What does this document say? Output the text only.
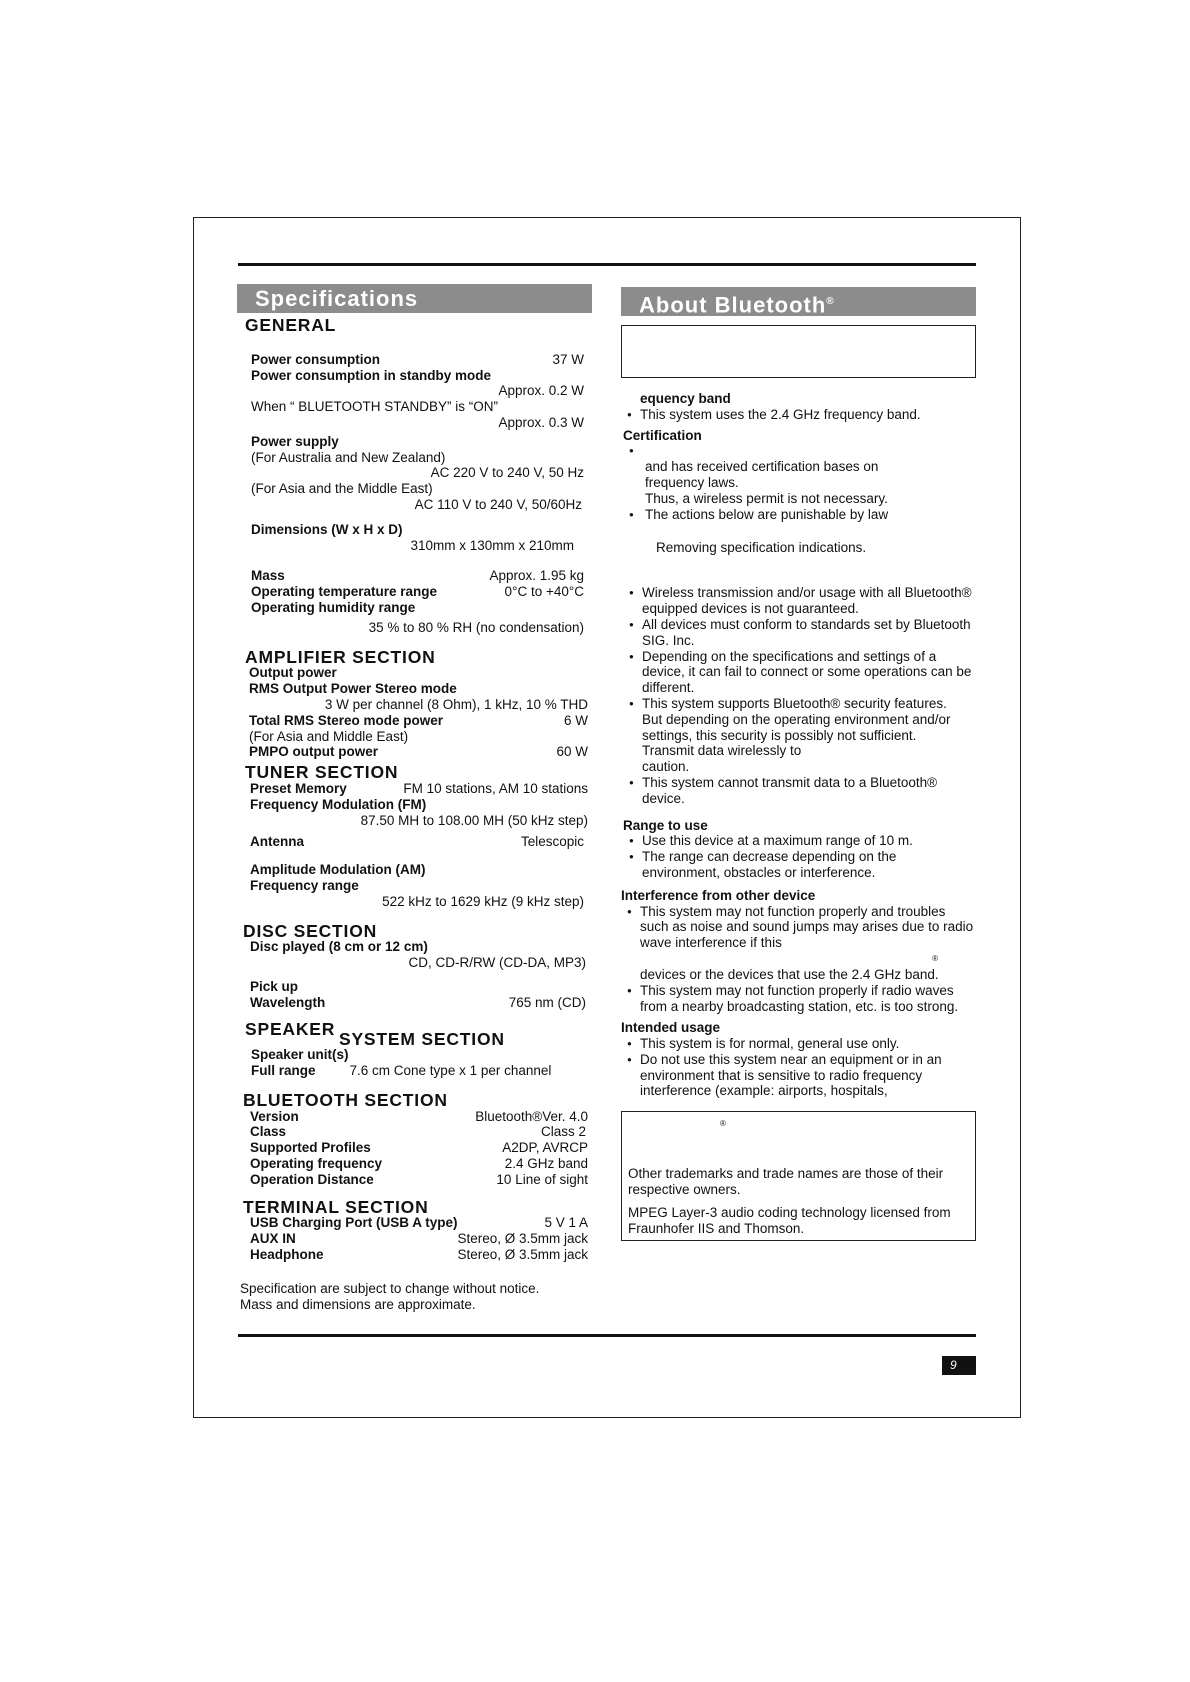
Specifications
GENERAL
Power consumption	37 W
Power consumption in standby mode
Approx. 0.2 W
When “ BLUETOOTH STANDBY” is “ON”
Approx. 0.3 W
Power supply
(For Australia and New Zealand)
AC 220 V to 240 V, 50 Hz
(For Asia and the Middle East)
AC 110 V to 240 V, 50/60Hz
Dimensions (W x H x D)
310mm x 130mm x 210mm
Mass	Approx. 1.95 kg
Operating temperature range	0°C to +40°C
Operating humidity range
35 % to 80 % RH (no condensation)
AMPLIFIER SECTION
Output power
RMS Output Power Stereo mode
3 W per channel (8 Ohm), 1 kHz, 10 % THD
Total RMS Stereo mode power	6 W
(For Asia and Middle East)
PMPO output power	60 W
TUNER SECTION
Preset Memory	FM 10 stations, AM 10 stations
Frequency Modulation (FM)
87.50 MH to 108.00 MH (50 kHz step)
Antenna	Telescopic
Amplitude Modulation (AM)
Frequency range
522 kHz to 1629 kHz (9 kHz step)
DISC SECTION
Disc played (8 cm or 12 cm)
CD, CD-R/RW (CD-DA, MP3)
Pick up
Wavelength	765 nm (CD)
SPEAKER SYSTEM SECTION
Speaker unit(s)
Full range	7.6 cm Cone type x 1 per channel
BLUETOOTH SECTION
Version	Bluetooth®Ver. 4.0
Class	Class 2
Supported Profiles	A2DP, AVRCP
Operating frequency	2.4 GHz band
Operation Distance	10 Line of sight
TERMINAL SECTION
USB Charging Port (USB A type)	5 V 1 A
AUX IN	Stereo, Ø 3.5mm jack
Headphone	Stereo, Ø 3.5mm jack
Specification are subject to change without notice.
Mass and dimensions are approximate.
About Bluetooth®
equency band
● This system uses the 2.4 GHz frequency band.
Certification
● and has received certification bases on
frequency laws.
Thus, a wireless permit is not necessary.
● The actions below are punishable by law
Removing specification indications.
● Wireless transmission and/or usage with all Bluetooth® equipped devices is not guaranteed.
● All devices must conform to standards set by Bluetooth SIG. Inc.
● Depending on the specifications and settings of a device, it can fail to connect or some operations can be different.
● This system supports Bluetooth® security features.
But depending on the operating environment and/or settings, this security is possibly not sufficient.
Transmit data wirelessly to
caution.
● This system cannot transmit data to a Bluetooth® device.
Range to use
● Use this device at a maximum range of 10 m.
● The range can decrease depending on the environment, obstacles or interference.
Interference from other device
● This system may not function properly and troubles such as noise and sound jumps may arises due to radio wave interference if this
®
devices or the devices that use the 2.4 GHz band.
● This system may not function properly if radio waves from a nearby broadcasting station, etc. is too strong.
Intended usage
● This system is for normal, general use only.
● Do not use this system near an equipment or in an environment that is sensitive to radio frequency interference (example: airports, hospitals,
®
Other trademarks and trade names are those of their respective owners.
MPEG Layer-3 audio coding technology licensed from Fraunhofer IIS and Thomson.
9
